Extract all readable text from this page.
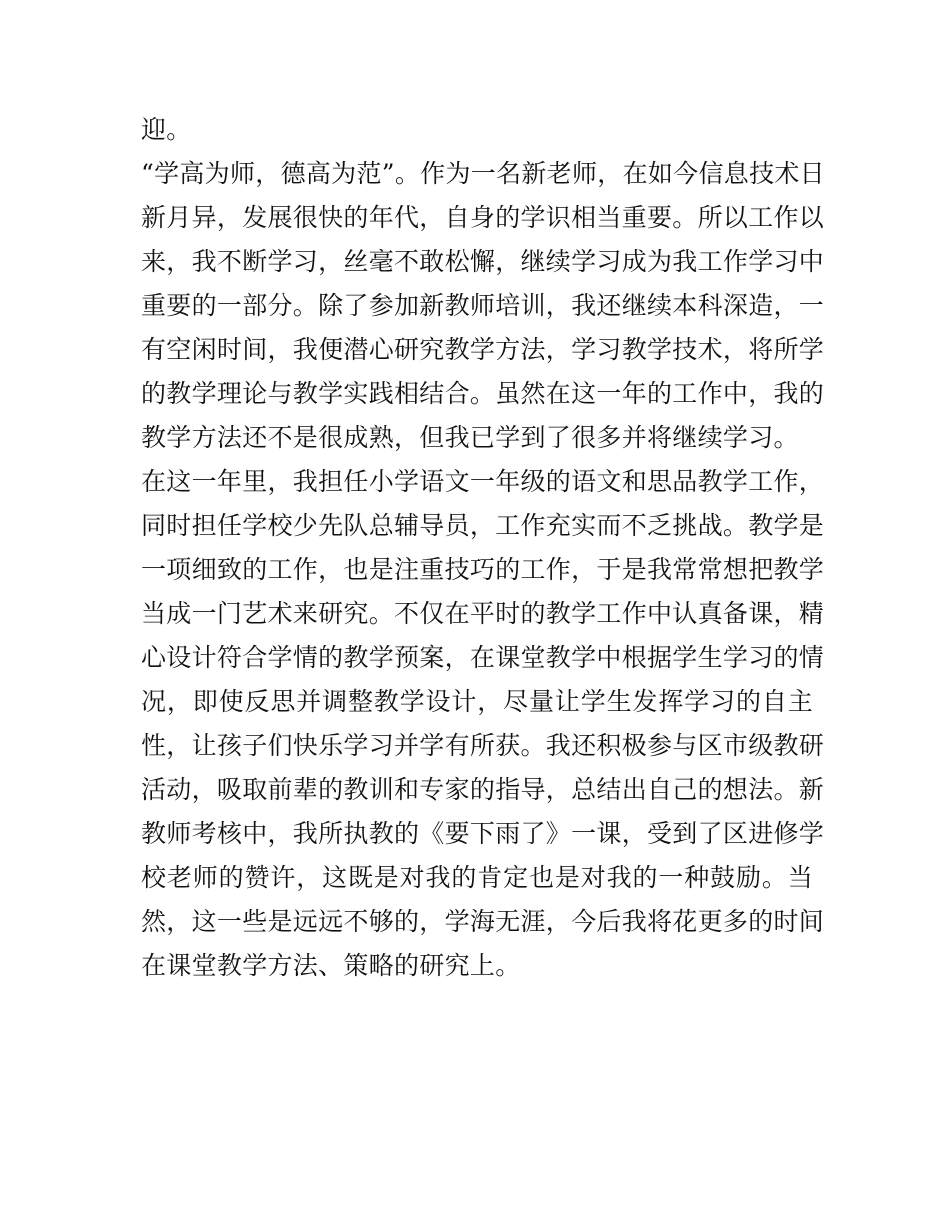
迎。
“学高为师，德高为范”。作为一名新老师，在如今信息技术日
新月异，发展很快的年代，自身的学识相当重要。所以工作以
来，我不断学习，丝毫不敢松懈，继续学习成为我工作学习中
重要的一部分。除了参加新教师培训，我还继续本科深造，一
有空闲时间，我便潜心研究教学方法，学习教学技术，将所学
的教学理论与教学实践相结合。虽然在这一年的工作中，我的
教学方法还不是很成熟，但我已学到了很多并将继续学习。
在这一年里，我担任小学语文一年级的语文和思品教学工作，
同时担任学校少先队总辅导员，工作充实而不乏挑战。教学是
一项细致的工作，也是注重技巧的工作，于是我常常想把教学
当成一门艺术来研究。不仅在平时的教学工作中认真备课，精
心设计符合学情的教学预案，在课堂教学中根据学生学习的情
况，即使反思并调整教学设计，尽量让学生发挥学习的自主
性，让孩子们快乐学习并学有所获。我还积极参与区市级教研
活动，吸取前辈的教训和专家的指导，总结出自己的想法。新
教师考核中，我所执教的《要下雨了》一课，受到了区进修学
校老师的赞许，这既是对我的肯定也是对我的一种鼓励。当
然，这一些是远远不够的，学海无涯，今后我将花更多的时间
在课堂教学方法、策略的研究上。
